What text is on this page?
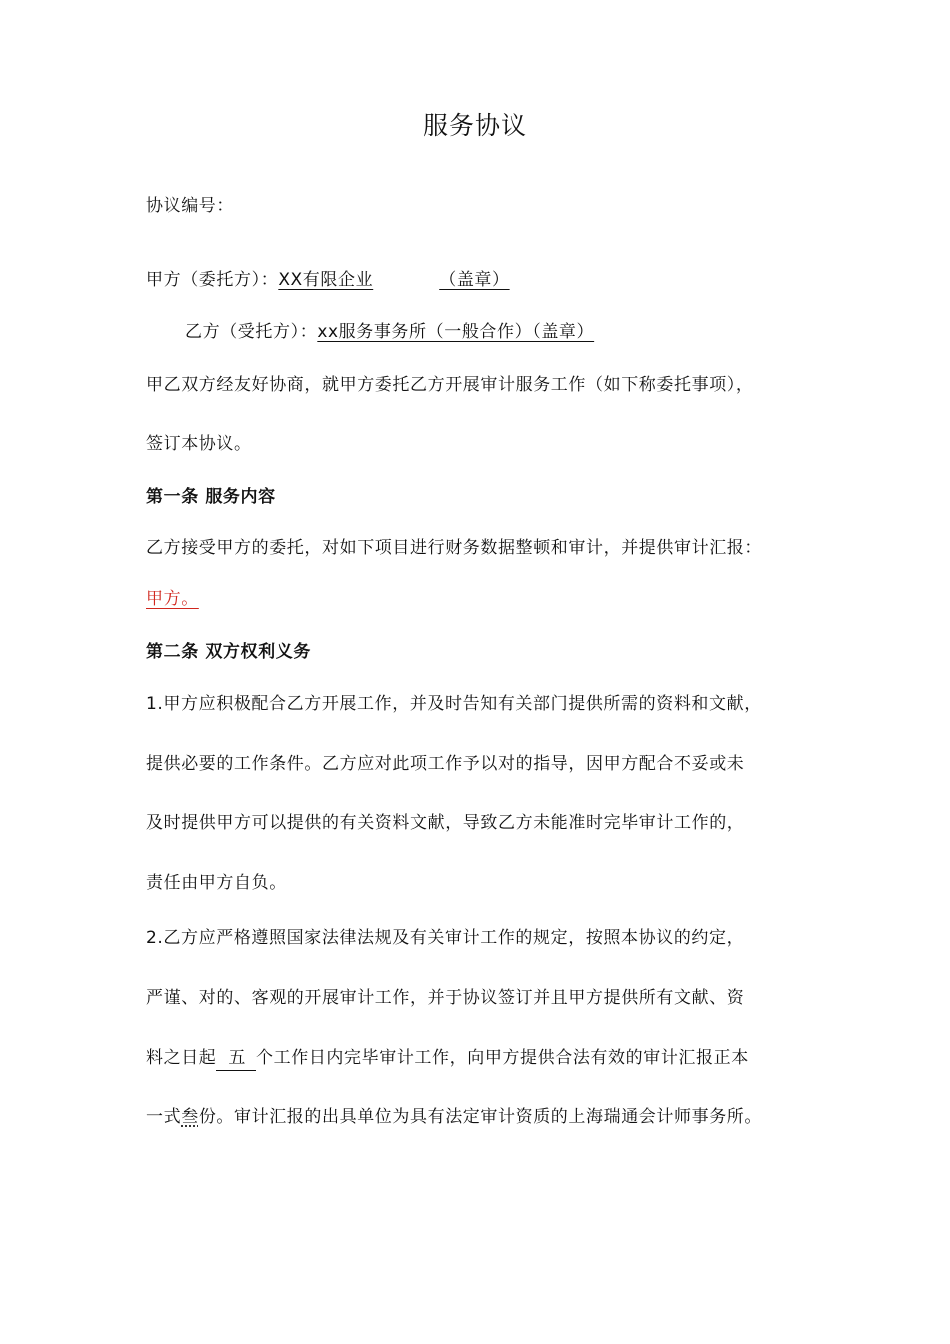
服务协议
协议编号：
甲方（委托方）：XX有限企业	（盖章）
乙方（受托方）：xx服务事务所（一般合作）（盖章）
甲乙双方经友好协商，就甲方委托乙方开展审计服务工作（如下称委托事项），
签订本协议。
第一条 服务内容
乙方接受甲方的委托，对如下项目进行财务数据整顿和审计，并提供审计汇报：
甲方。
第二条 双方权利义务
1.甲方应积极配合乙方开展工作，并及时告知有关部门提供所需的资料和文献，
提供必要的工作条件。乙方应对此项工作予以对的指导，因甲方配合不妥或未
及时提供甲方可以提供的有关资料文献，导致乙方未能准时完毕审计工作的，
责任由甲方自负。
2.乙方应严格遵照国家法律法规及有关审计工作的规定，按照本协议的约定，
严谨、对的、客观的开展审计工作，并于协议签订并且甲方提供所有文献、资
料之日起 五 个工作日内完毕审计工作，向甲方提供合法有效的审计汇报正本
一式叁份。审计汇报的出具单位为具有法定审计资质的上海瑞通会计师事务所。
